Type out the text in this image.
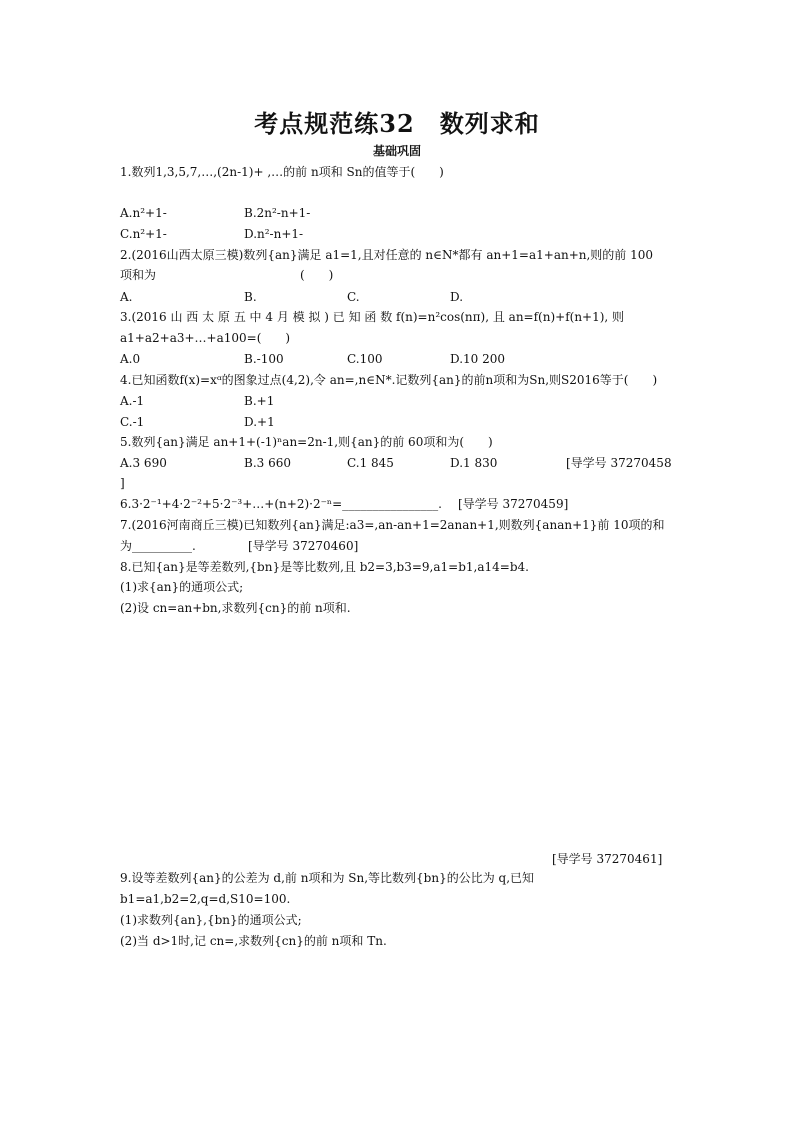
考点规范练32　数列求和
基础巩固
1.数列1,3,5,7,…,(2n-1)+ ,…的前 n项和 Sn的值等于(　　)
A.n²+1-	B.2n²-n+1-
C.n²+1-	D.n²-n+1-
2.(2016山西太原三模)数列{an}满足 a1=1,且对任意的 n∈N*都有 an+1=a1+an+n,则的前 100
项和为　　　　　　　　　　　　(　　)
A.	B.	C.	D.
3.(2016 山 西 太 原 五 中 4 月 模 拟 ) 已 知 函 数 f(n)=n²cos(nπ), 且 an=f(n)+f(n+1), 则
a1+a2+a3+…+a100=(　　)
A.0	B.-100	C.100	D.10 200
4.已知函数f(x)=xᵅ的图象过点(4,2),令 an=,n∈N*.记数列{an}的前n项和为Sn,则S2016等于(　　)
A.-1	B.+1
C.-1	D.+1
5.数列{an}满足 an+1+(-1)ⁿan=2n-1,则{an}的前 60项和为(　　)
A.3 690	B.3 660	C.1 845	D.1 830	[导学号 37270458
]
6.3·2⁻¹+4·2⁻²+5·2⁻³+…+(n+2)·2⁻ⁿ=________________. [导学号 37270459]
7.(2016河南商丘三模)已知数列{an}满足:a3=,an-an+1=2anan+1,则数列{anan+1}前 10项的和
为__________.	[导学号 37270460]
8.已知{an}是等差数列,{bn}是等比数列,且 b2=3,b3=9,a1=b1,a14=b4.
(1)求{an}的通项公式;
(2)设 cn=an+bn,求数列{cn}的前 n项和.
[导学号 37270461]
9.设等差数列{an}的公差为 d,前 n项和为 Sn,等比数列{bn}的公比为 q,已知
b1=a1,b2=2,q=d,S10=100.
(1)求数列{an},{bn}的通项公式;
(2)当 d>1时,记 cn=,求数列{cn}的前 n项和 Tn.
